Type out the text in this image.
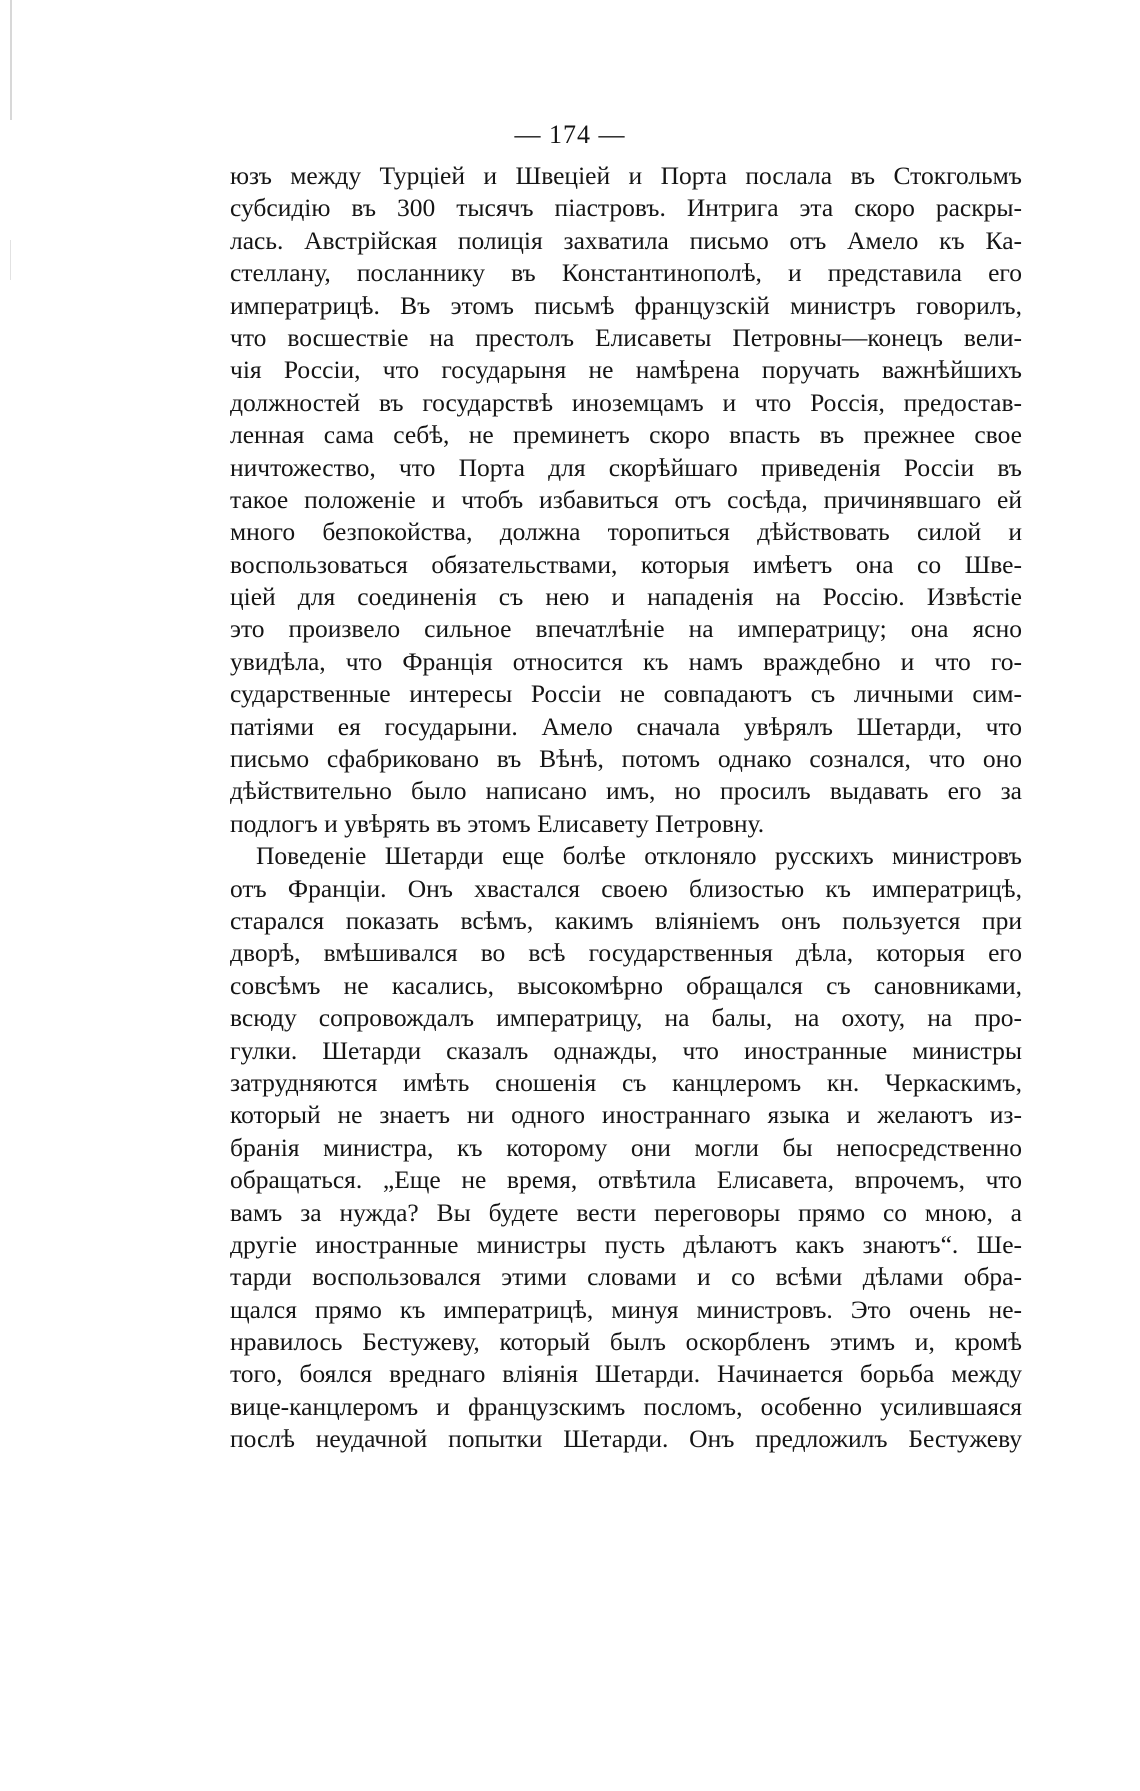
— 174 —
юзъ между Турціей и Швеціей и Порта послала въ Стокгольмъ
субсидію въ 300 тысячъ піастровъ. Интрига эта скоро раскры-
лась. Австрійская полиція захватила письмо отъ Амело къ Ка-
стеллану, посланнику въ Константинополѣ, и представила его
императрицѣ. Въ этомъ письмѣ французскій министръ говорилъ,
что восшествіе на престолъ Елисаветы Петровны—конецъ вели-
чія Россіи, что государыня не намѣрена поручать важнѣйшихъ
должностей въ государствѣ иноземцамъ и что Россія, предостав-
ленная сама себѣ, не преминетъ скоро впасть въ прежнее свое
ничтожество, что Порта для скорѣйшаго приведенія Россіи въ
такое положеніе и чтобъ избавиться отъ сосѣда, причинявшаго ей
много безпокойства, должна торопиться дѣйствовать силой и
воспользоваться обязательствами, которыя имѣетъ она со Шве-
ціей для соединенія съ нею и нападенія на Россію. Извѣстіе
это произвело сильное впечатлѣніе на императрицу; она ясно
увидѣла, что Франція относится къ намъ враждебно и что го-
сударственные интересы Россіи не совпадаютъ съ личными сим-
патіями ея государыни. Амело сначала увѣрялъ Шетарди, что
письмо сфабриковано въ Вѣнѣ, потомъ однако сознался, что оно
дѣйствительно было написано имъ, но просилъ выдавать его за
подлогъ и увѣрять въ этомъ Елисавету Петровну.
Поведеніе Шетарди еще болѣе отклоняло русскихъ министровъ
отъ Франціи. Онъ хвастался своею близостью къ императрицѣ,
старался показать всѣмъ, какимъ вліяніемъ онъ пользуется при
дворѣ, вмѣшивался во всѣ государственныя дѣла, которыя его
совсѣмъ не касались, высокомѣрно обращался съ сановниками,
всюду сопровождалъ императрицу, на балы, на охоту, на про-
гулки. Шетарди сказалъ однажды, что иностранные министры
затрудняются имѣть сношенія съ канцлеромъ кн. Черкаскимъ,
который не знаетъ ни одного иностраннаго языка и желаютъ из-
бранія министра, къ которому они могли бы непосредственно
обращаться. „Еще не время, отвѣтила Елисавета, впрочемъ, что
вамъ за нужда? Вы будете вести переговоры прямо со мною, а
другіе иностранные министры пусть дѣлаютъ какъ знаютъ“. Ше-
тарди воспользовался этими словами и со всѣми дѣлами обра-
щался прямо къ императрицѣ, минуя министровъ. Это очень не-
нравилось Бестужеву, который былъ оскорбленъ этимъ и, кромѣ
того, боялся вреднаго вліянія Шетарди. Начинается борьба между
вице-канцлеромъ и французскимъ посломъ, особенно усилившаяся
послѣ неудачной попытки Шетарди. Онъ предложилъ Бестужеву
